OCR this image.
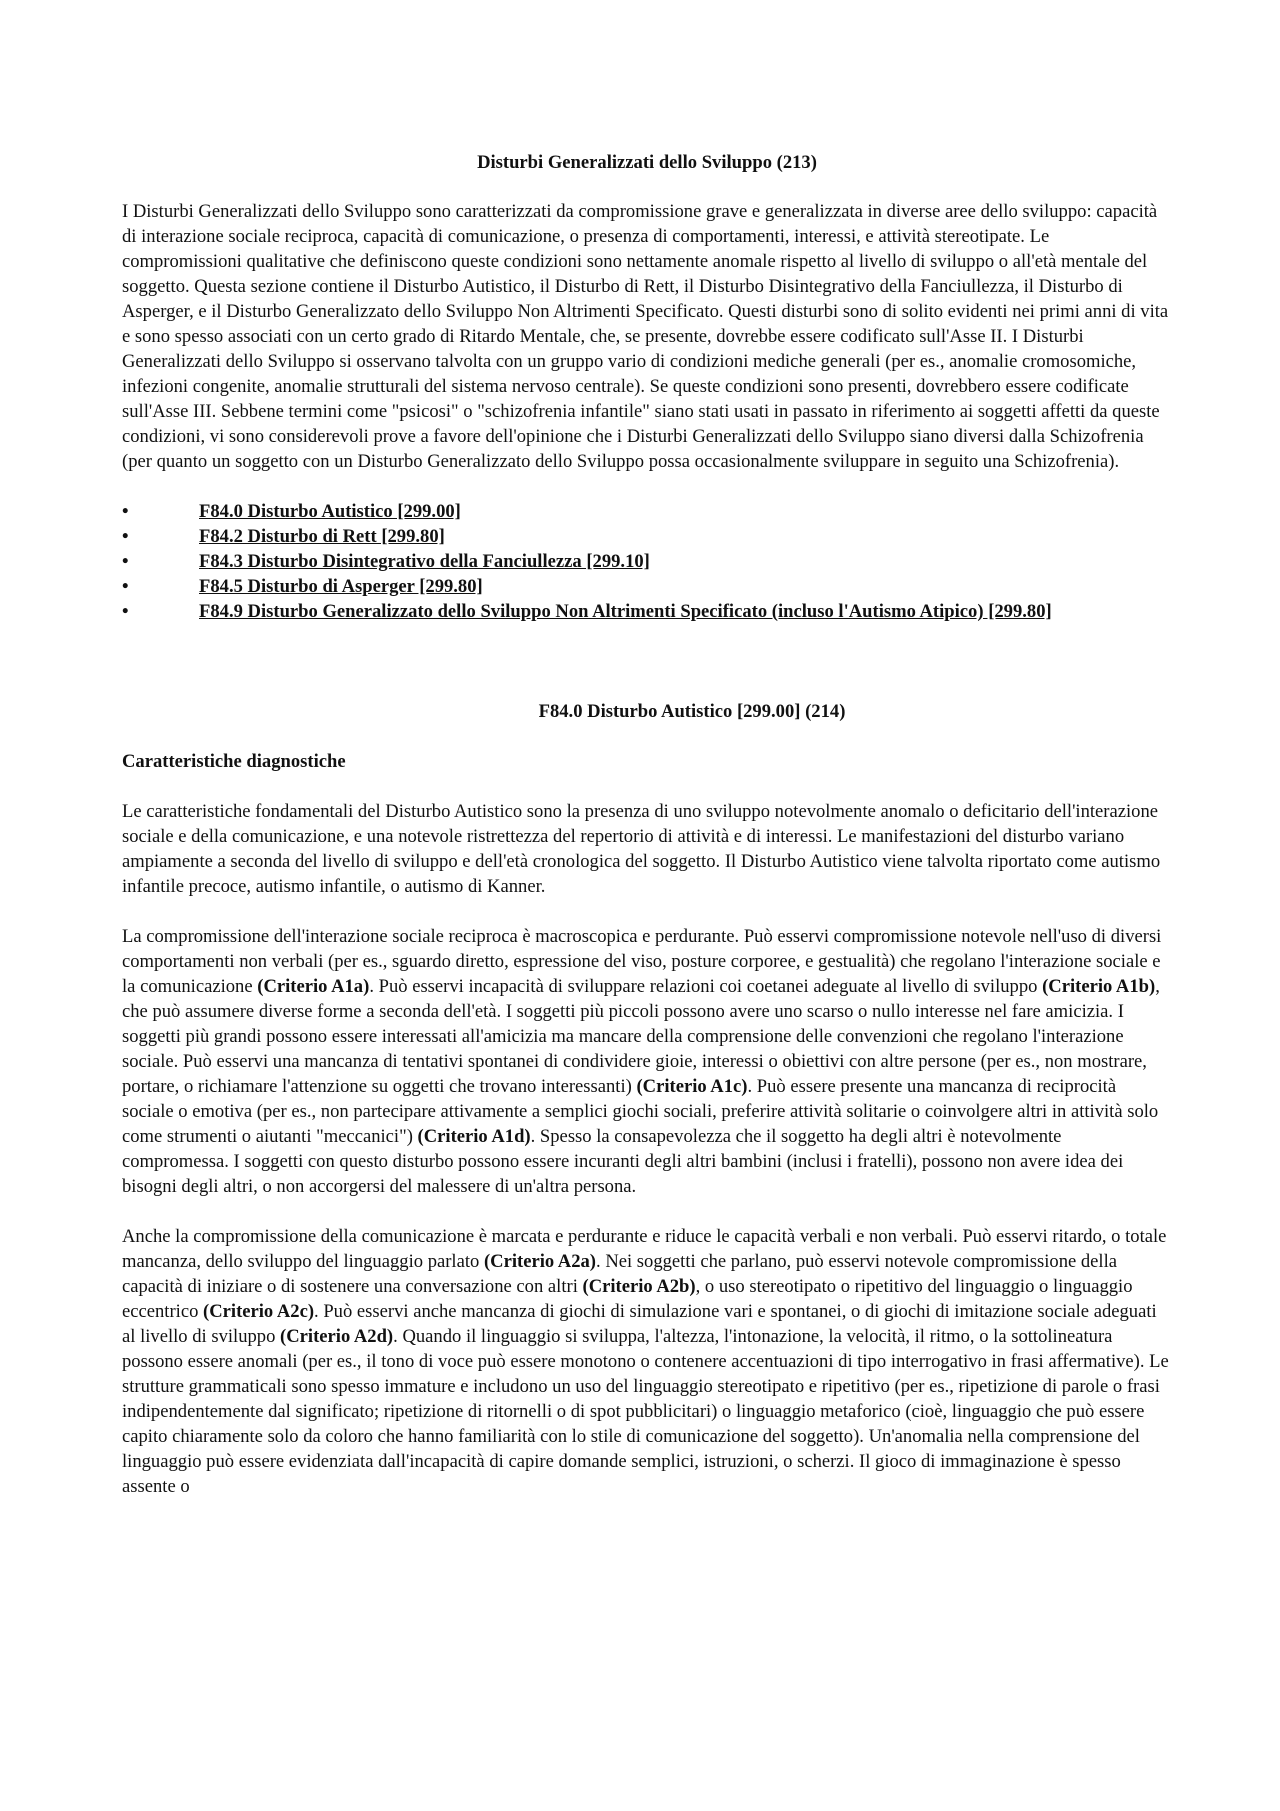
Disturbi Generalizzati dello Sviluppo (213)

I Disturbi Generalizzati dello Sviluppo sono caratterizzati da compromissione grave e generalizzata in diverse aree dello sviluppo: capacità di interazione sociale reciproca, capacità di comunicazione, o presenza di comportamenti, interessi, e attività stereotipate. Le compromissioni qualitative che definiscono queste condizioni sono nettamente anomale rispetto al livello di sviluppo o all'età mentale del soggetto. Questa sezione contiene il Disturbo Autistico, il Disturbo di Rett, il Disturbo Disintegrativo della Fanciullezza, il Disturbo di Asperger, e il Disturbo Generalizzato dello Sviluppo Non Altrimenti Specificato. Questi disturbi sono di solito evidenti nei primi anni di vita e sono spesso associati con un certo grado di Ritardo Mentale, che, se presente, dovrebbe essere codificato sull'Asse II. I Disturbi Generalizzati dello Sviluppo si osservano talvolta con un gruppo vario di condizioni mediche generali (per es., anomalie cromosomiche, infezioni congenite, anomalie strutturali del sistema nervoso centrale). Se queste condizioni sono presenti, dovrebbero essere codificate sull'Asse III. Sebbene termini come "psicosi" o "schizofrenia infantile" siano stati usati in passato in riferimento ai soggetti affetti da queste condizioni, vi sono considerevoli prove a favore dell'opinione che i Disturbi Generalizzati dello Sviluppo siano diversi dalla Schizofrenia (per quanto un soggetto con un Disturbo Generalizzato dello Sviluppo possa occasionalmente sviluppare in seguito una Schizofrenia).

•	F84.0 Disturbo Autistico [299.00]
•	F84.2 Disturbo di Rett [299.80]
•	F84.3 Disturbo Disintegrativo della Fanciullezza [299.10]
•	F84.5 Disturbo di Asperger [299.80]
•	F84.9 Disturbo Generalizzato dello Sviluppo Non Altrimenti Specificato (incluso l'Autismo Atipico) [299.80]

F84.0 Disturbo Autistico [299.00] (214)

Caratteristiche diagnostiche

Le caratteristiche fondamentali del Disturbo Autistico sono la presenza di uno sviluppo notevolmente anomalo o deficitario dell'interazione sociale e della comunicazione, e una notevole ristrettezza del repertorio di attività e di interessi. Le manifestazioni del disturbo variano ampiamente a seconda del livello di sviluppo e dell'età cronologica del soggetto. Il Disturbo Autistico viene talvolta riportato come autismo infantile precoce, autismo infantile, o autismo di Kanner.

La compromissione dell'interazione sociale reciproca è macroscopica e perdurante. Può esservi compromissione notevole nell'uso di diversi comportamenti non verbali (per es., sguardo diretto, espressione del viso, posture corporee, e gestualità) che regolano l'interazione sociale e la comunicazione (Criterio A1a). Può esservi incapacità di sviluppare relazioni coi coetanei adeguate al livello di sviluppo (Criterio A1b), che può assumere diverse forme a seconda dell'età. I soggetti più piccoli possono avere uno scarso o nullo interesse nel fare amicizia. I soggetti più grandi possono essere interessati all'amicizia ma mancare della comprensione delle convenzioni che regolano l'interazione sociale. Può esservi una mancanza di tentativi spontanei di condividere gioie, interessi o obiettivi con altre persone (per es., non mostrare, portare, o richiamare l'attenzione su oggetti che trovano interessanti) (Criterio A1c). Può essere presente una mancanza di reciprocità sociale o emotiva (per es., non partecipare attivamente a semplici giochi sociali, preferire attività solitarie o coinvolgere altri in attività solo come strumenti o aiutanti "meccanici") (Criterio A1d). Spesso la consapevolezza che il soggetto ha degli altri è notevolmente compromessa. I soggetti con questo disturbo possono essere incuranti degli altri bambini (inclusi i fratelli), possono non avere idea dei bisogni degli altri, o non accorgersi del malessere di un'altra persona.

Anche la compromissione della comunicazione è marcata e perdurante e riduce le capacità verbali e non verbali. Può esservi ritardo, o totale mancanza, dello sviluppo del linguaggio parlato (Criterio A2a). Nei soggetti che parlano, può esservi notevole compromissione della capacità di iniziare o di sostenere una conversazione con altri (Criterio A2b), o uso stereotipato o ripetitivo del linguaggio o linguaggio eccentrico (Criterio A2c). Può esservi anche mancanza di giochi di simulazione vari e spontanei, o di giochi di imitazione sociale adeguati al livello di sviluppo (Criterio A2d). Quando il linguaggio si sviluppa, l'altezza, l'intonazione, la velocità, il ritmo, o la sottolineatura possono essere anomali (per es., il tono di voce può essere monotono o contenere accentuazioni di tipo interrogativo in frasi affermative). Le strutture grammaticali sono spesso immature e includono un uso del linguaggio stereotipato e ripetitivo (per es., ripetizione di parole o frasi indipendentemente dal significato; ripetizione di ritornelli o di spot pubblicitari) o linguaggio metaforico (cioè, linguaggio che può essere capito chiaramente solo da coloro che hanno familiarità con lo stile di comunicazione del soggetto). Un'anomalia nella comprensione del linguaggio può essere evidenziata dall'incapacità di capire domande semplici, istruzioni, o scherzi. Il gioco di immaginazione è spesso assente o
